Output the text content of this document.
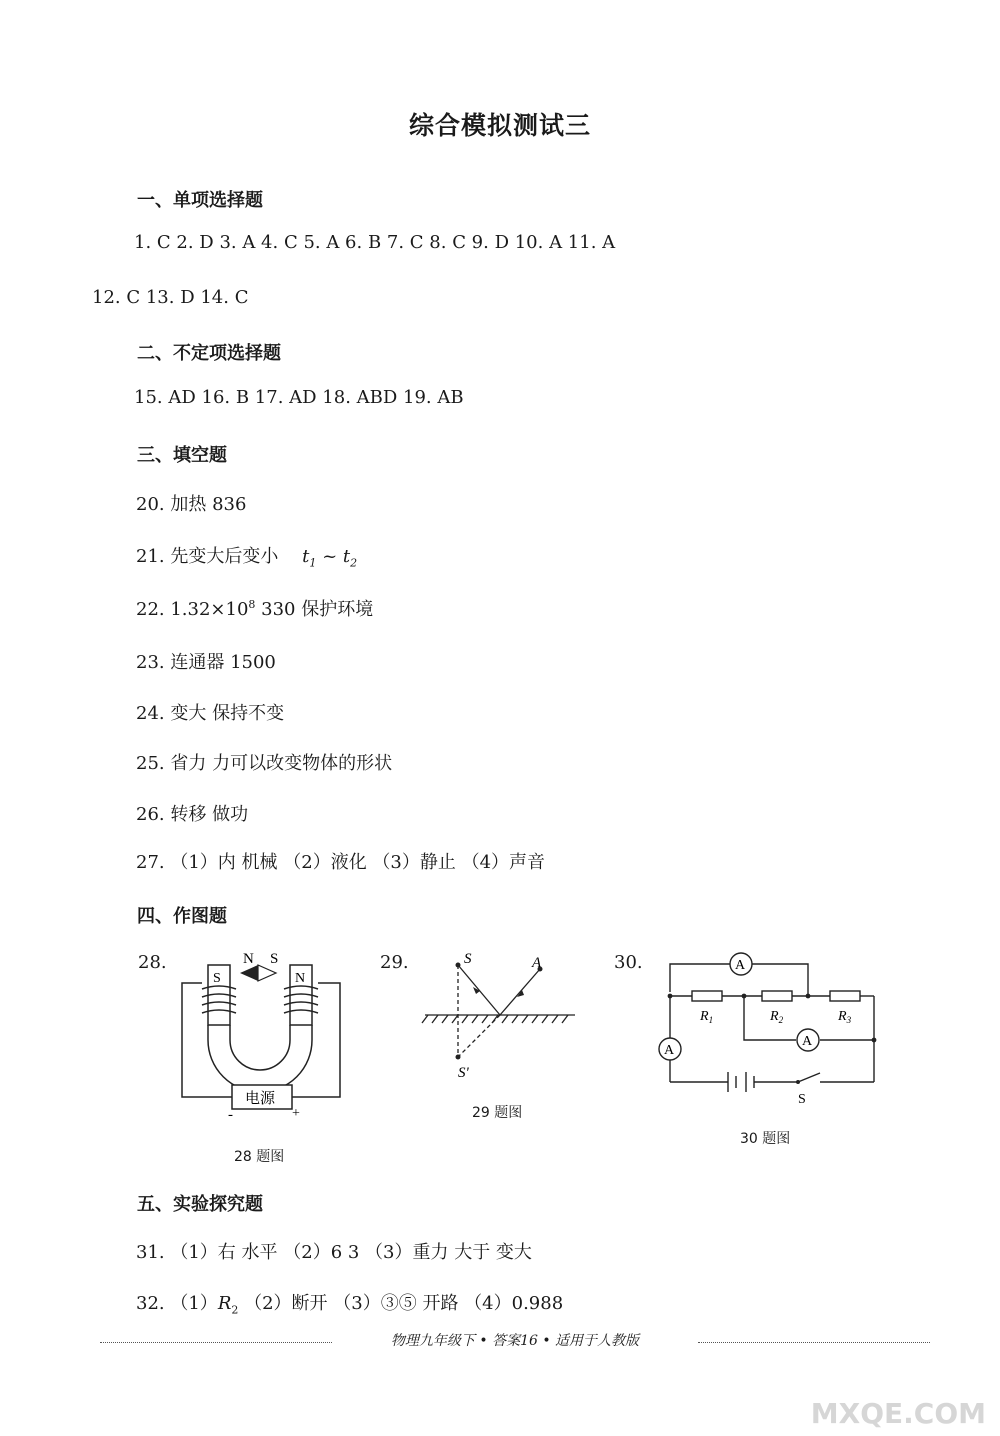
综合模拟测试三
一、单项选择题
1. C 2. D 3. A 4. C 5. A 6. B 7. C 8. C 9. D 10. A 11. A
12. C 13. D 14. C
二、不定项选择题
15. AD 16. B 17. AD 18. ABD 19. AB
三、填空题
20. 加热 836
21. 先变大后变小 $t_1$ ~ $t_2$
22. $1.32\times 10^8$ 330 保护环境
23. 连通器 1500
24. 变大 保持不变
25. 省力 力可以改变物体的形状
26. 转移 做功
27. （1）内 机械 （2）液化 （3）静止 （4）声音
四、作图题
28.	N S
S	N
电源
-	+
28 题图
29.	S	A
S'
29 题图
30.	A
A
A
$R_1$	$R_2$	$R_3$
S
30 题图
五、实验探究题
31. （1）右 水平 （2）6 3 （3）重力 大于 变大
32. $(1)R_2$ （2）断开 （3）③⑤ 开路 （4）0.988
物理九年级下 • 答案16 • 适用于人教版
MXQE.COM
